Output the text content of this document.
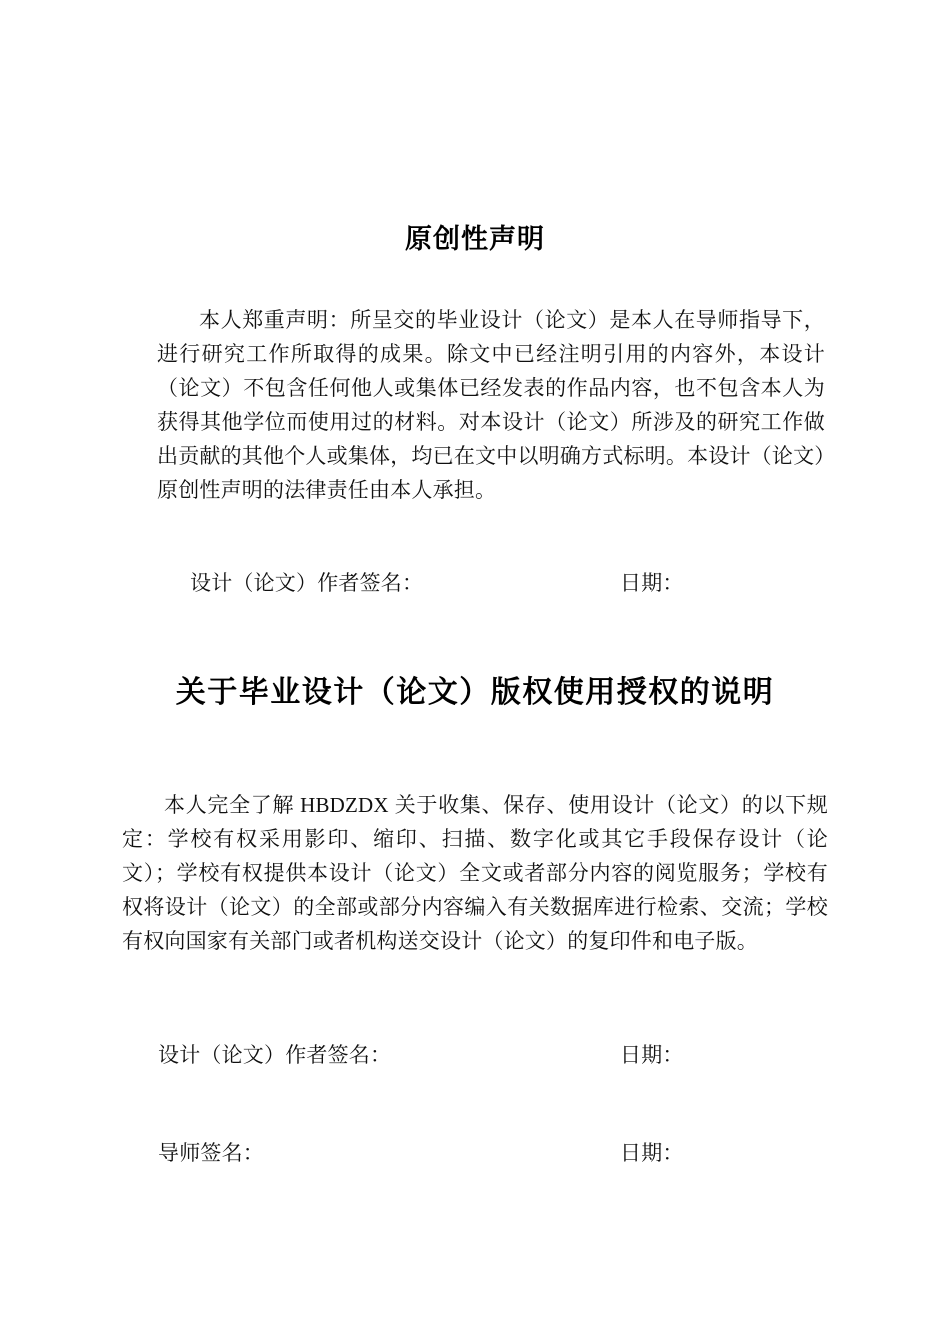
原创性声明
本人郑重声明：所呈交的毕业设计（论文）是本人在导师指导下，进行研究工作所取得的成果。除文中已经注明引用的内容外，本设计（论文）不包含任何他人或集体已经发表的作品内容，也不包含本人为获得其他学位而使用过的材料。对本设计（论文）所涉及的研究工作做出贡献的其他个人或集体，均已在文中以明确方式标明。本设计（论文）原创性声明的法律责任由本人承担。
设计（论文）作者签名：	日期：
关于毕业设计（论文）版权使用授权的说明
本人完全了解 HBDZDX 关于收集、保存、使用设计（论文）的以下规定：学校有权采用影印、缩印、扫描、数字化或其它手段保存设计（论文）；学校有权提供本设计（论文）全文或者部分内容的阅览服务；学校有权将设计（论文）的全部或部分内容编入有关数据库进行检索、交流；学校有权向国家有关部门或者机构送交设计（论文）的复印件和电子版。
设计（论文）作者签名：	日期：
导师签名：	日期：
